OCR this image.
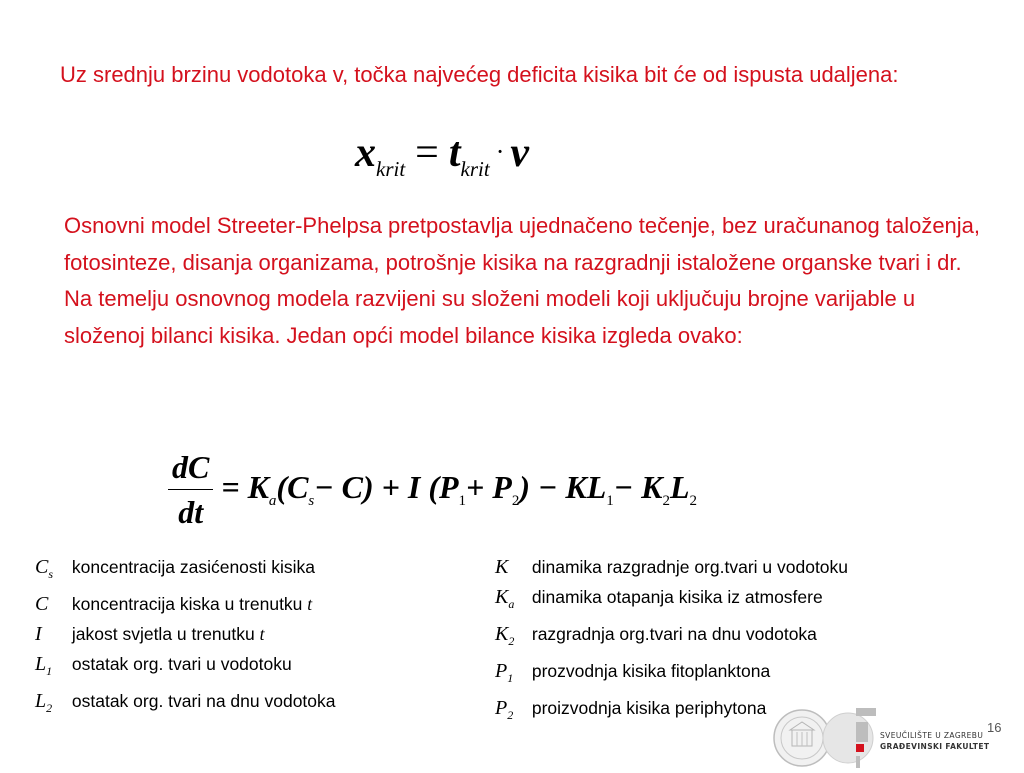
Uz srednju brzinu vodotoka v, točka najvećeg deficita kisika bit će od ispusta udaljena:

$x_{krit} = t_{krit}\cdot v$
Osnovni model Streeter-Phelpsa pretpostavlja ujednačeno tečenje, bez uračunanog taloženja, fotosinteze, disanja organizama, potrošnje kisika na razgradnji istaložene organske tvari i dr.
Na temelju osnovnog modela razvijeni su složeni modeli koji uključuju brojne varijable u složenoj bilanci kisika. Jedan opći model bilance kisika izgleda ovako:
$\frac{dC}{dt} = K_a(C_s- C) + I$ $(P_1+ P_2) - KL_1- K_2L_2$
$C_s$ koncentracija zasićenosti kisika
C koncentracija kiska u trenutku t
I jakost svjetla u trenutku t
$L_1$ ostatak org. tvari u vodotoku
$L_2$ ostatak org. tvari na dnu vodotoka
K dinamika razgradnje org.tvari u vodotoku
$K_a$ dinamika otapanja kisika iz atmosfere
$K_2$ razgradnja org.tvari na dnu vodotoka
$P_1$ prozvodnja kisika fitoplanktona
$P_2$ proizvodnja kisika periphytona
SVEUČILIŠTE U ZAGREBU
GRAĐEVINSKI FAKULTET
16
